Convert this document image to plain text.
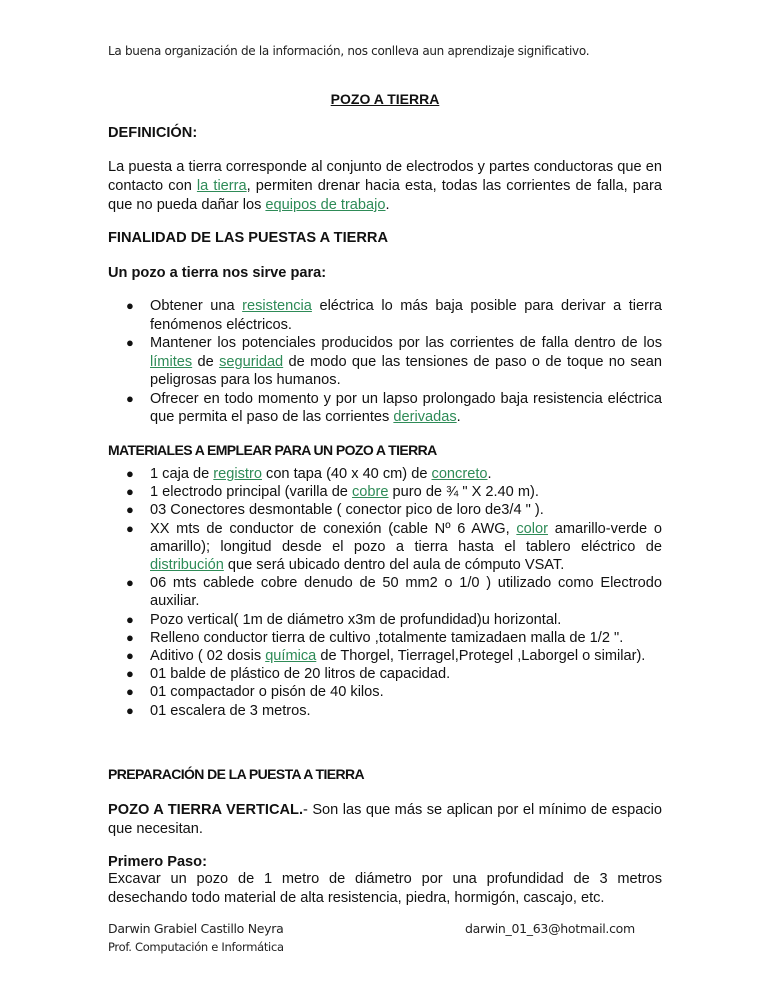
La buena organización de la información, nos conlleva aun aprendizaje significativo.
POZO A TIERRA
DEFINICIÓN:
La puesta a tierra corresponde al conjunto de electrodos y partes conductoras que en contacto con la tierra, permiten drenar hacia esta, todas las corrientes de falla, para que no pueda dañar los equipos de trabajo.
FINALIDAD DE LAS PUESTAS A TIERRA
Un pozo a tierra nos sirve para:
● Obtener una resistencia eléctrica lo más baja posible para derivar a tierra fenómenos eléctricos.
● Mantener los potenciales producidos por las corrientes de falla dentro de los límites de seguridad de modo que las tensiones de paso o de toque no sean peligrosas para los humanos.
● Ofrecer en todo momento y por un lapso prolongado baja resistencia eléctrica que permita el paso de las corrientes derivadas.
MATERIALES A EMPLEAR PARA UN POZO A TIERRA
● 1 caja de registro con tapa (40 x 40 cm) de concreto.
● 1 electrodo principal (varilla de cobre puro de ¾ " X 2.40 m).
● 03 Conectores desmontable ( conector pico de loro de3/4 " ).
● XX mts de conductor de conexión (cable Nº 6 AWG, color amarillo-verde o amarillo); longitud desde el pozo a tierra hasta el tablero eléctrico de distribución que será ubicado dentro del aula de cómputo VSAT.
● 06 mts cablede cobre denudo de 50 mm2 o 1/0 ) utilizado como Electrodo auxiliar.
● Pozo vertical( 1m de diámetro x3m de profundidad)u horizontal.
● Relleno conductor tierra de cultivo ,totalmente tamizadaen malla de 1/2 ".
● Aditivo ( 02 dosis química de Thorgel, Tierragel,Protegel ,Laborgel o similar).
● 01 balde de plástico de 20 litros de capacidad.
● 01 compactador o pisón de 40 kilos.
● 01 escalera de 3 metros.
PREPARACIÓN DE LA PUESTA A TIERRA
POZO A TIERRA VERTICAL.- Son las que más se aplican por el mínimo de espacio que necesitan.
Primero Paso:
Excavar un pozo de 1 metro de diámetro por una profundidad de 3 metros desechando todo material de alta resistencia, piedra, hormigón, cascajo, etc.
Darwin Grabiel Castillo Neyra	darwin_01_63@hotmail.com
Prof. Computación e Informática
